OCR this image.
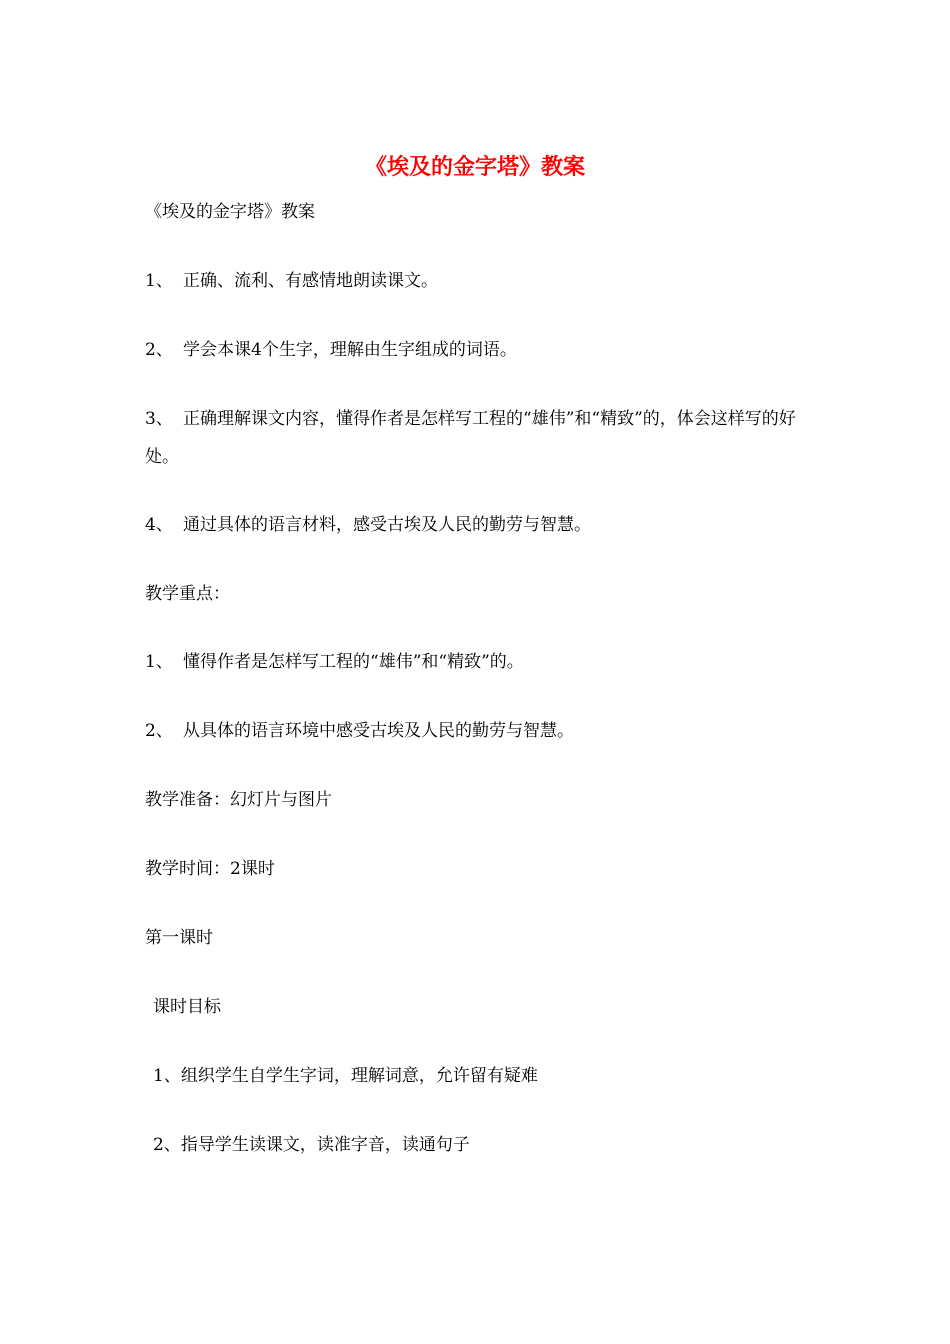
《埃及的金字塔》教案
《埃及的金字塔》教案
1、 正确、流利、有感情地朗读课文。
2、 学会本课4个生字，理解由生字组成的词语。
3、 正确理解课文内容，懂得作者是怎样写工程的“雄伟”和“精致”的，体会这样写的好处。
4、 通过具体的语言材料，感受古埃及人民的勤劳与智慧。
教学重点：
1、 懂得作者是怎样写工程的“雄伟”和“精致”的。
2、 从具体的语言环境中感受古埃及人民的勤劳与智慧。
教学准备：幻灯片与图片
教学时间：2课时
第一课时
课时目标
1、组织学生自学生字词，理解词意，允许留有疑难
2、指导学生读课文，读准字音，读通句子
